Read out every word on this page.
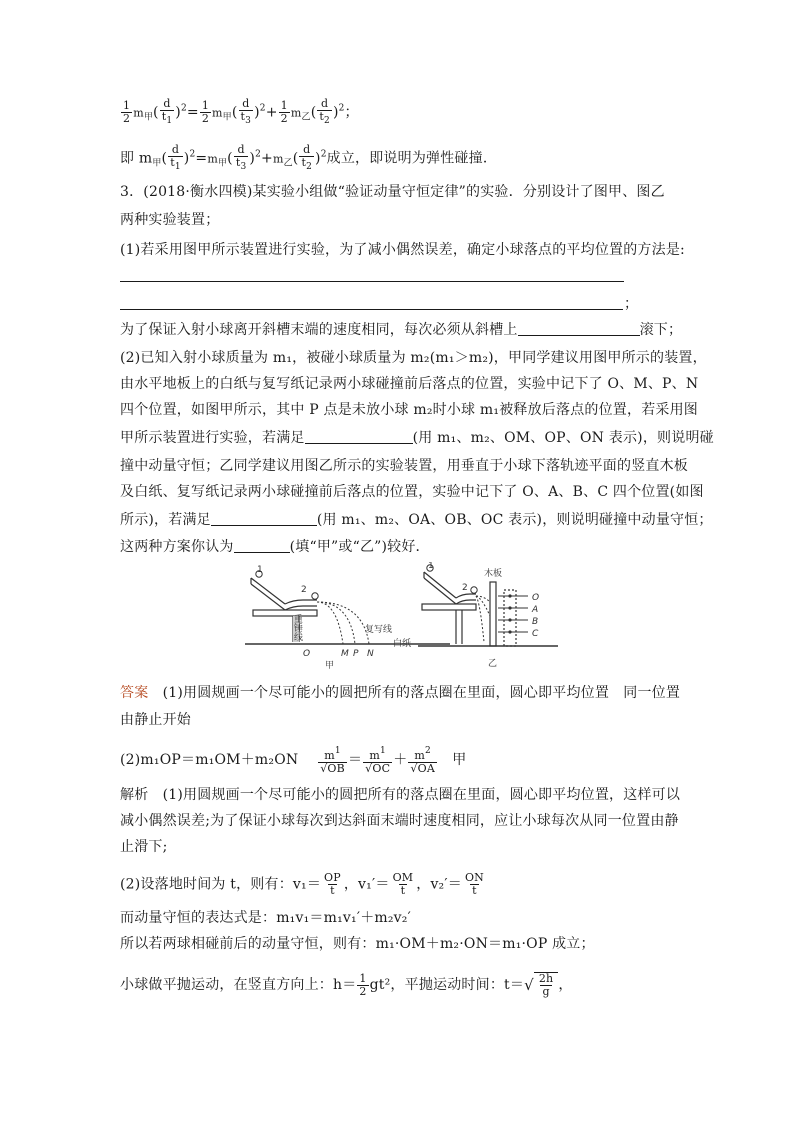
$\frac{1}{2} m_甲( \frac{d}{t_1} )^2= \frac{1}{2} m_甲( \frac{d}{t_3} )^2+ \frac{1}{2} m_乙( \frac{d}{t_2} )^2$；
即 $m_甲( \frac{d}{t_1} )^2=m_甲( \frac{d}{t_3} )^2+m_乙( \frac{d}{t_2} )^2$成立，即说明为弹性碰撞．
3．(2018·衡水四模)某实验小组做“验证动量守恒定律”的实验．分别设计了图甲、图乙
两种实验装置；
(1)若采用图甲所示装置进行实验，为了减小偶然误差，确定小球落点的平均位置的方法是:
；
为了保证入射小球离开斜槽末端的速度相同，每次必须从斜槽上	滚下；
(2)已知入射小球质量为 m₁，被碰小球质量为 m₂(m₁＞m₂)，甲同学建议用图甲所示的装置，
由水平地板上的白纸与复写纸记录两小球碰撞前后落点的位置，实验中记下了 O、M、P、N
四个位置，如图甲所示，其中 P 点是未放小球 m₂时小球 m₁被释放后落点的位置，若采用图
甲所示装置进行实验，若满足	(用 m₁、m₂、OM、OP、ON 表示)，则说明碰
撞中动量守恒；乙同学建议用图乙所示的实验装置，用垂直于小球下落轨迹平面的竖直木板
及白纸、复写纸记录两小球碰撞前后落点的位置，实验中记下了 O、A、B、C 四个位置(如图
所示)，若满足	(用 m₁、m₂、OA、OB、OC 表示)，则说明碰撞中动量守恒；
这两种方案你认为	(填“甲”或“乙”)较好．
1
2
重锤线	复写线
白纸
O	M P N
甲
1
2
木板
O
A
B
C
乙
答案　 (1)用圆规画一个尽可能小的圆把所有的落点圈在里面，圆心即平均位置　同一位置
由静止开始
(2)m₁OP＝m₁OM＋m₂ON　 $\frac{m^1}{√OB} = \frac{m^1}{√OC} + \frac{m^2}{√OA}$
　 甲
解析　 (1)用圆规画一个尽可能小的圆把所有的落点圈在里面，圆心即平均位置，这样可以
减小偶然误差;为了保证小球每次到达斜面末端时速度相同，应让小球每次从同一位置由静
止滑下;
(2)设落地时间为 t，则有：$v_1= \frac{OP}{t}$ ，$v_1'= \frac{OM}{t}$ ，$v_2'= \frac{ON}{t}$
而动量守恒的表达式是：m₁v₁＝m₁v₁′＋m₂v₂′
所以若两球相碰前后的动量守恒，则有：m₁·OM＋m₂·ON＝m₁·OP 成立；
小球做平抛运动，在竖直方向上：$h= \frac{1}{2} gt^2$，平抛运动时间：t＝ √ $\frac{2h}{g}$ ，
